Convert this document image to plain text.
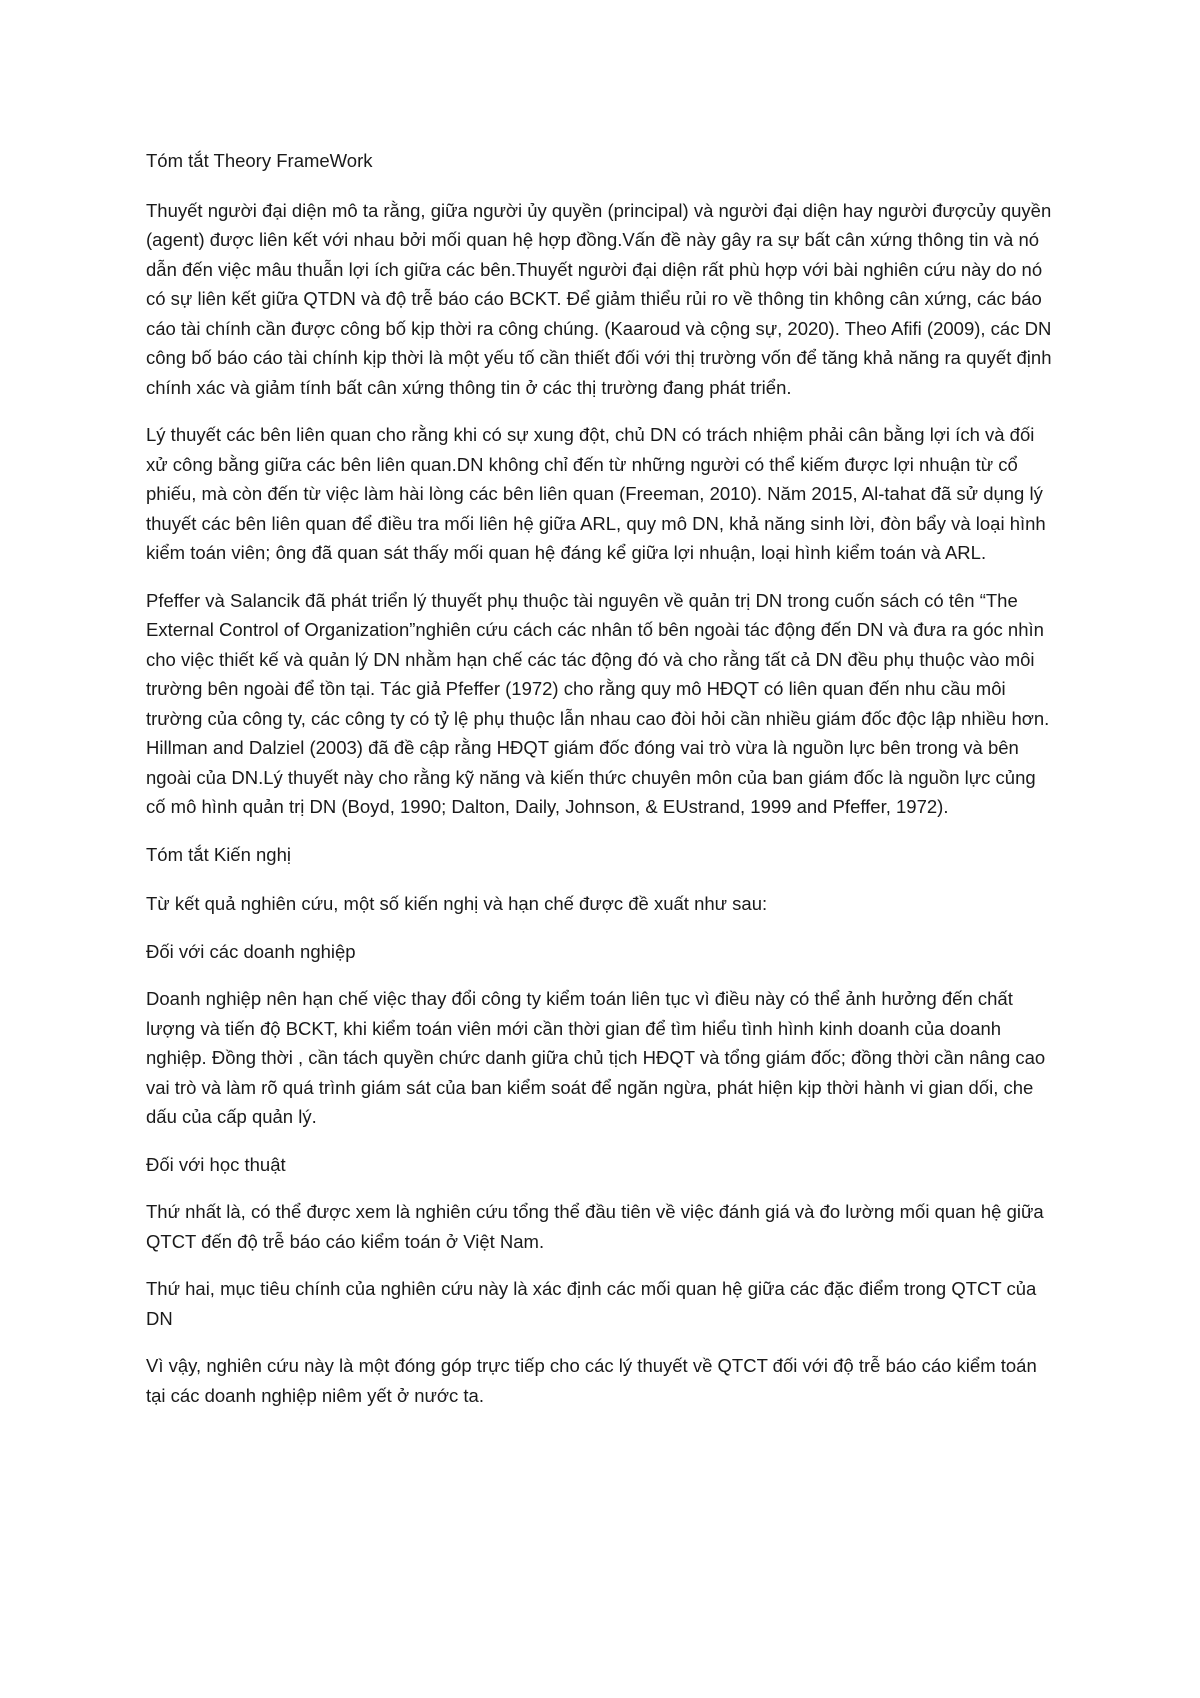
Tóm tắt Theory FrameWork

Thuyết người đại diện mô ta rằng, giữa người ủy quyền (principal) và người đại diện hay người đượcủy quyền (agent) được liên kết với nhau bởi mối quan hệ hợp đồng.Vấn đề này gây ra sự bất cân xứng thông tin và nó dẫn đến việc mâu thuẫn lợi ích giữa các bên.Thuyết người đại diện rất phù hợp với bài nghiên cứu này do nó có sự liên kết giữa QTDN và độ trễ báo cáo BCKT. Để giảm thiểu rủi ro về thông tin không cân xứng, các báo cáo tài chính cần được công bố kịp thời ra công chúng. (Kaaroud và cộng sự, 2020). Theo Afifi (2009), các DN công bố báo cáo tài chính kịp thời là một yếu tố cần thiết đối với thị trường vốn để tăng khả năng ra quyết định chính xác và giảm tính bất cân xứng thông tin ở các thị trường đang phát triển.

Lý thuyết các bên liên quan cho rằng khi có sự xung đột, chủ DN có trách nhiệm phải cân bằng lợi ích và đối xử công bằng giữa các bên liên quan.DN không chỉ đến từ những người có thể kiếm được lợi nhuận từ cổ phiếu, mà còn đến từ việc làm hài lòng các bên liên quan (Freeman, 2010). Năm 2015, Al-tahat đã sử dụng lý thuyết các bên liên quan để điều tra mối liên hệ giữa ARL, quy mô DN, khả năng sinh lời, đòn bẩy và loại hình kiểm toán viên; ông đã quan sát thấy mối quan hệ đáng kể giữa lợi nhuận, loại hình kiểm toán và ARL.

Pfeffer và Salancik đã phát triển lý thuyết phụ thuộc tài nguyên về quản trị DN trong cuốn sách có tên “The External Control of Organization”nghiên cứu cách các nhân tố bên ngoài tác động đến DN và đưa ra góc nhìn cho việc thiết kế và quản lý DN nhằm hạn chế các tác động đó và cho rằng tất cả DN đều phụ thuộc vào môi trường bên ngoài để tồn tại. Tác giả Pfeffer (1972) cho rằng quy mô HĐQT có liên quan đến nhu cầu môi trường của công ty, các công ty có tỷ lệ phụ thuộc lẫn nhau cao đòi hỏi cần nhiều giám đốc độc lập nhiều hơn. Hillman and Dalziel (2003) đã đề cập rằng HĐQT giám đốc đóng vai trò vừa là nguồn lực bên trong và bên ngoài của DN.Lý thuyết này cho rằng kỹ năng và kiến thức chuyên môn của ban giám đốc là nguồn lực củng cố mô hình quản trị DN (Boyd, 1990; Dalton, Daily, Johnson, & EUstrand, 1999 and Pfeffer, 1972).

Tóm tắt Kiến nghị

Từ kết quả nghiên cứu, một số kiến nghị và hạn chế được đề xuất như sau:

Đối với các doanh nghiệp

Doanh nghiệp nên hạn chế việc thay đổi công ty kiểm toán liên tục vì điều này có thể ảnh hưởng đến chất lượng và tiến độ BCKT, khi kiểm toán viên mới cần thời gian để tìm hiểu tình hình kinh doanh của doanh nghiệp. Đồng thời , cần tách quyền chức danh giữa chủ tịch HĐQT và tổng giám đốc; đồng thời cần nâng cao vai trò và làm rõ quá trình giám sát của ban kiểm soát để ngăn ngừa, phát hiện kịp thời hành vi gian dối, che dấu của cấp quản lý.

Đối với học thuật

Thứ nhất là, có thể được xem là nghiên cứu tổng thể đầu tiên về việc đánh giá và đo lường mối quan hệ giữa QTCT đến độ trễ báo cáo kiểm toán ở Việt Nam.

Thứ hai, mục tiêu chính của nghiên cứu này là xác định các mối quan hệ giữa các đặc điểm trong QTCT của DN

Vì vậy, nghiên cứu này là một đóng góp trực tiếp cho các lý thuyết về QTCT đối với độ trễ báo cáo kiểm toán tại các doanh nghiệp niêm yết ở nước ta.
